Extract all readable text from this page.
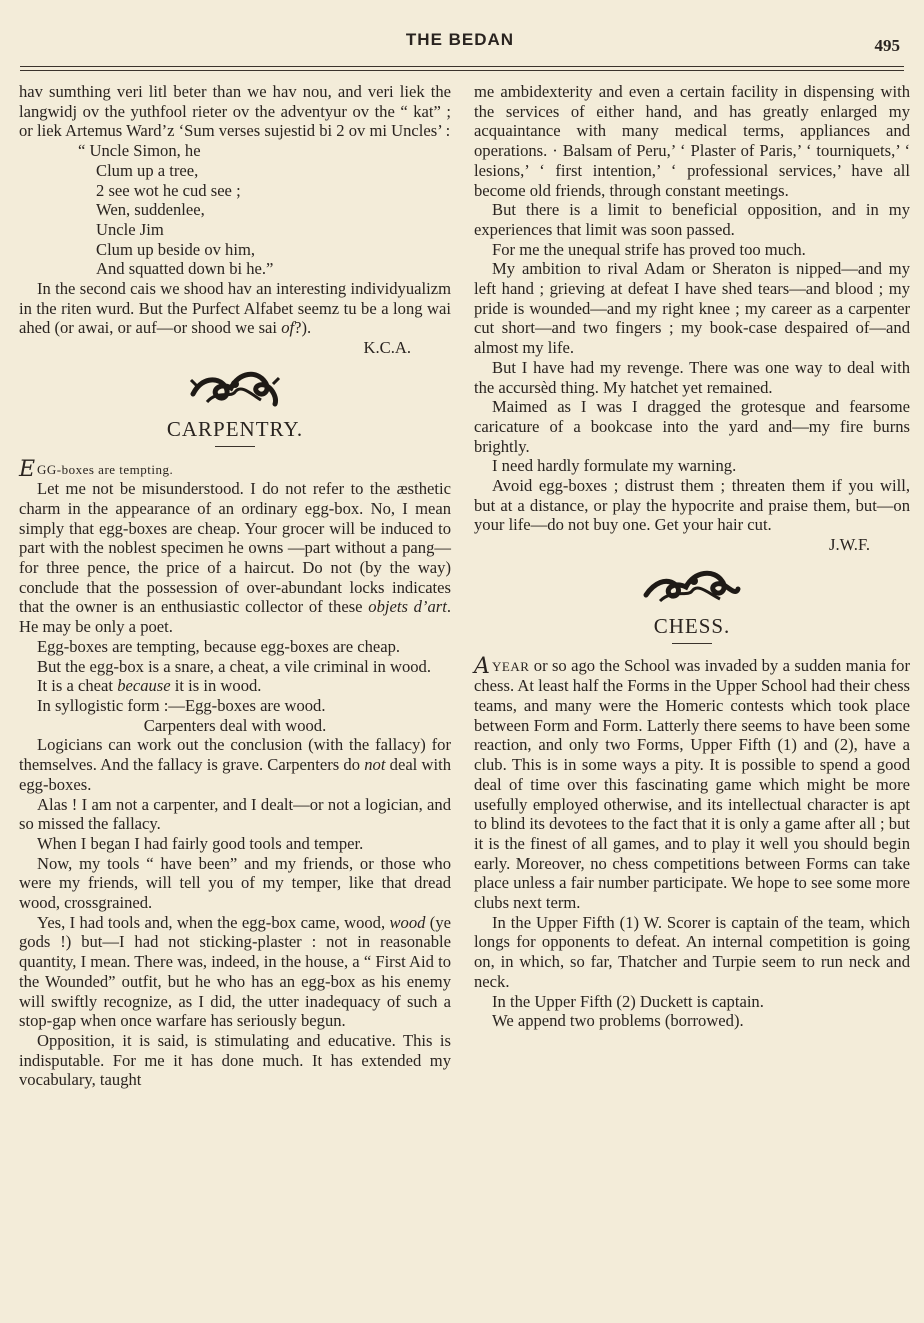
THE BEDAN	495

hav sumthing veri litl beter than we hav nou, and veri liek the langwidj ov the yuthfool rieter ov the adventyur ov the “ kat” ; or liek Artemus Ward’z ‘Sum verses sujestid bi 2 ov mi Uncles’ :

“ Uncle Simon, he
Clum up a tree,
2 see wot he cud see ;
Wen, suddenlee,
Uncle Jim
Clum up beside ov him,
And squatted down bi he.”

In the second cais we shood hav an interesting individyualizm in the riten wurd. But the Purfect Alfabet seemz tu be a long wai ahed (or awai, or auf—or shood we sai of?).

K.C.A.

CARPENTRY.

EGG-boxes are tempting.

Let me not be misunderstood. I do not refer to the æsthetic charm in the appearance of an ordinary egg-box. No, I mean simply that egg-boxes are cheap. Your grocer will be induced to part with the noblest specimen he owns —part without a pang—for three pence, the price of a haircut. Do not (by the way) conclude that the possession of over-abundant locks indicates that the owner is an enthusiastic collector of these objets d’art. He may be only a poet.

Egg-boxes are tempting, because egg-boxes are cheap.

But the egg-box is a snare, a cheat, a vile criminal in wood.

It is a cheat because it is in wood.

In syllogistic form :—Egg-boxes are wood.

Carpenters deal with wood.

Logicians can work out the conclusion (with the fallacy) for themselves. And the fallacy is grave. Carpenters do not deal with egg-boxes.

Alas ! I am not a carpenter, and I dealt—or not a logician, and so missed the fallacy.

When I began I had fairly good tools and temper.

Now, my tools “ have been” and my friends, or those who were my friends, will tell you of my temper, like that dread wood, crossgrained.

Yes, I had tools and, when the egg-box came, wood, wood (ye gods !) but—I had not sticking-plaster : not in reasonable quantity, I mean. There was, indeed, in the house, a “ First Aid to the Wounded” outfit, but he who has an egg-box as his enemy will swiftly recognize, as I did, the utter inadequacy of such a stop-gap when once warfare has seriously begun.

Opposition, it is said, is stimulating and educative. This is indisputable. For me it has done much. It has extended my vocabulary, taught

me ambidexterity and even a certain facility in dispensing with the services of either hand, and has greatly enlarged my acquaintance with many medical terms, appliances and operations. · Balsam of Peru,’ ‘ Plaster of Paris,’ ‘ tourniquets,’ ‘ lesions,’ ‘ first intention,’ ‘ professional services,’ have all become old friends, through constant meetings.

But there is a limit to beneficial opposition, and in my experiences that limit was soon passed.

For me the unequal strife has proved too much.

My ambition to rival Adam or Sheraton is nipped—and my left hand ; grieving at defeat I have shed tears—and blood ; my pride is wounded—and my right knee ; my career as a carpenter cut short—and two fingers ; my book-case despaired of—and almost my life.

But I have had my revenge. There was one way to deal with the accursèd thing. My hatchet yet remained.

Maimed as I was I dragged the grotesque and fearsome caricature of a bookcase into the yard and—my fire burns brightly.

I need hardly formulate my warning.

Avoid egg-boxes ; distrust them ; threaten them if you will, but at a distance, or play the hypocrite and praise them, but—on your life—do not buy one. Get your hair cut.

J.W.F.

CHESS.

AYEAR or so ago the School was invaded by a sudden mania for chess. At least half the Forms in the Upper School had their chess teams, and many were the Homeric contests which took place between Form and Form. Latterly there seems to have been some reaction, and only two Forms, Upper Fifth (1) and (2), have a club. This is in some ways a pity. It is possible to spend a good deal of time over this fascinating game which might be more usefully employed otherwise, and its intellectual character is apt to blind its devotees to the fact that it is only a game after all ; but it is the finest of all games, and to play it well you should begin early. Moreover, no chess competitions between Forms can take place unless a fair number participate. We hope to see some more clubs next term.

In the Upper Fifth (1) W. Scorer is captain of the team, which longs for opponents to defeat. An internal competition is going on, in which, so far, Thatcher and Turpie seem to run neck and neck.

In the Upper Fifth (2) Duckett is captain.

We append two problems (borrowed).
